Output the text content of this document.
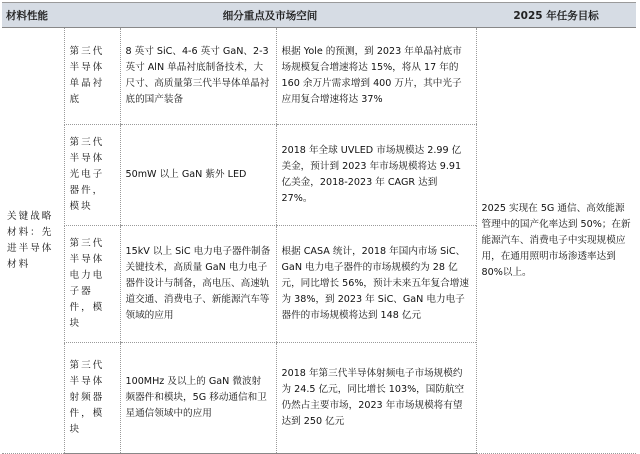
材料性能	细分重点及市场空间			2025 年任务目标
关键战略材料：先进半导体材料	第三代半导体单晶衬底	8 英寸 SiC、4-6 英寸 GaN、2-3 英寸 AlN 单晶衬底制备技术，大尺寸、高质量第三代半导体单晶衬底的国产装备	根据 Yole 的预测，到 2023 年单晶衬底市场规模复合增速将达 15%，将从 17 年的 160 余万片需求增到 400 万片，其中光子应用复合增速将达 37%	2025 实现在 5G 通信、高效能源管理中的国产化率达到 50%；在新能源汽车、消费电子中实现规模应用，在通用照明市场渗透率达到 80%以上。
	第三代半导体光电子器件，模块	50mW 以上 GaN 紫外 LED	2018 年全球 UVLED 市场规模达 2.99 亿美金，预计到 2023 年市场规模将达 9.91 亿美金，2018-2023 年 CAGR 达到 27%。	
	第三代半导体电力电子器件，模块	15kV 以上 SiC 电力电子器件制备关键技术，高质量 GaN 电力电子器件设计与制备，高电压、高速轨道交通、消费电子、新能源汽车等领域的应用	根据 CASA 统计，2018 年国内市场 SiC、GaN 电力电子器件的市场规模约为 28 亿元，同比增长 56%，预计未来五年复合增速为 38%，到 2023 年 SiC、GaN 电力电子器件的市场规模将达到 148 亿元	
	第三代半导体射频器件，模块	100MHz 及以上的 GaN 微波射频器件和模块，5G 移动通信和卫星通信领域中的应用	2018 年第三代半导体射频电子市场规模约为 24.5 亿元，同比增长 103%，国防航空仍然占主要市场，2023 年市场规模将有望达到 250 亿元	
